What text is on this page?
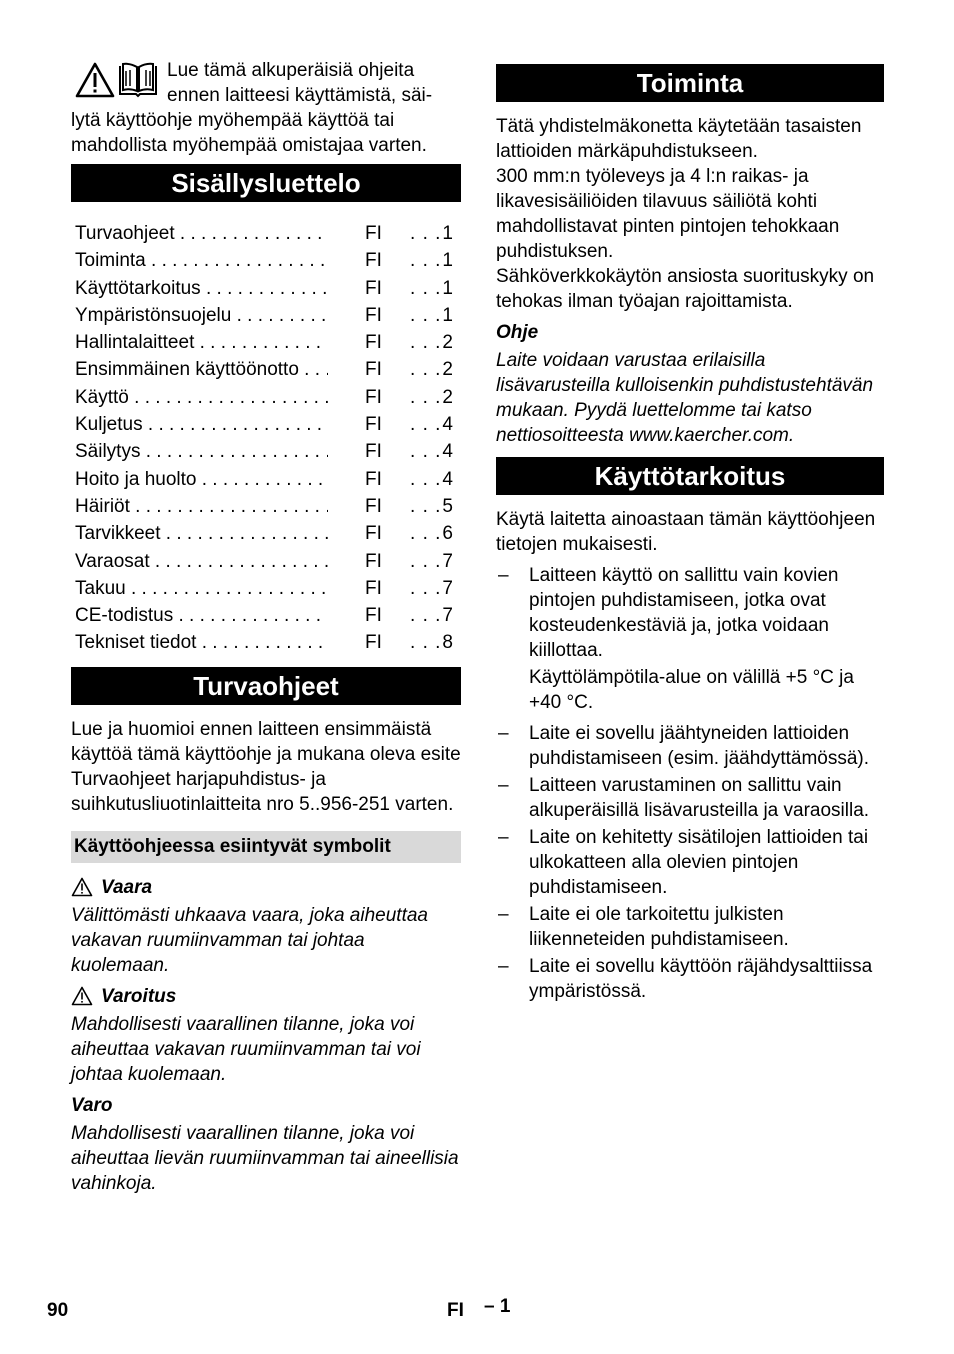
Lue tämä alkuperäisiä ohjeita
ennen laitteesi käyttämistä, säi-
lytä käyttöohje myöhempää käyttöä tai mahdollista myöhempää omistajaa varten.
Sisällysluettelo
Turvaohjeet . . .	FI	. . . 1
Toiminta . . .	FI	. . . 1
Käyttötarkoitus . . .	FI	. . . 1
Ympäristönsuojelu . . .	FI	. . . 1
Hallintalaitteet . . .	FI	. . . 2
Ensimmäinen käyttöönotto . . .	FI	. . . 2
Käyttö . . .	FI	. . . 2
Kuljetus . . .	FI	. . . 4
Säilytys . . .	FI	. . . 4
Hoito ja huolto . . .	FI	. . . 4
Häiriöt . . .	FI	. . . 5
Tarvikkeet . . .	FI	. . . 6
Varaosat . . .	FI	. . . 7
Takuu . . .	FI	. . . 7
CE-todistus . . .	FI	. . . 7
Tekniset tiedot . . .	FI	. . . 8
Turvaohjeet

Lue ja huomioi ennen laitteen ensimmäistä käyttöä tämä käyttöohje ja mukana oleva esite Turvaohjeet harjapuhdistus- ja suihkutusliuotinlaitteita nro 5..956-251 varten.

Käyttöohjeessa esiintyvät symbolit
Vaara

Välittömästi uhkaava vaara, joka aiheuttaa vakavan ruumiinvamman tai johtaa kuolemaan.

Varoitus

Mahdollisesti vaarallinen tilanne, joka voi aiheuttaa vakavan ruumiinvamman tai voi johtaa kuolemaan.

Varo

Mahdollisesti vaarallinen tilanne, joka voi aiheuttaa lievän ruumiinvamman tai aineellisia vahinkoja.

Toiminta

Tätä yhdistelmäkonetta käytetään tasaisten lattioiden märkäpuhdistukseen.

300 mm:n työleveys ja 4 l:n raikas- ja likavesisäiliöiden tilavuus säiliötä kohti mahdollistavat pinten pintojen tehokkaan puhdistuksen.

Sähköverkkokäytön ansiosta suorituskyky on tehokas ilman työajan rajoittamista.

Ohje

Laite voidaan varustaa erilaisilla lisävarusteilla kulloisenkin puhdistustehtävän mukaan. Pyydä luettelomme tai katso nettiosoitteesta www.kaercher.com.

Käyttötarkoitus

Käytä laitetta ainoastaan tämän käyttöohjeen tietojen mukaisesti.

– Laitteen käyttö on sallittu vain kovien pintojen puhdistamiseen, jotka ovat kosteudenkestäviä ja, jotka voidaan kiillottaa.

Käyttölämpötila-alue on välillä +5 °C ja +40 °C.

– Laite ei sovellu jäähtyneiden lattioiden puhdistamiseen (esim. jäähdyttämössä).
– Laitteen varustaminen on sallittu vain alkuperäisillä lisävarusteilla ja varaosilla.
– Laite on kehitetty sisätilojen lattioiden tai ulkokatteen alla olevien pintojen puhdistamiseen.
– Laite ei ole tarkoitettu julkisten liikenneteiden puhdistamiseen.
– Laite ei sovellu käyttöön räjähdysalttiissa ympäristössä.
90	FI – 1
